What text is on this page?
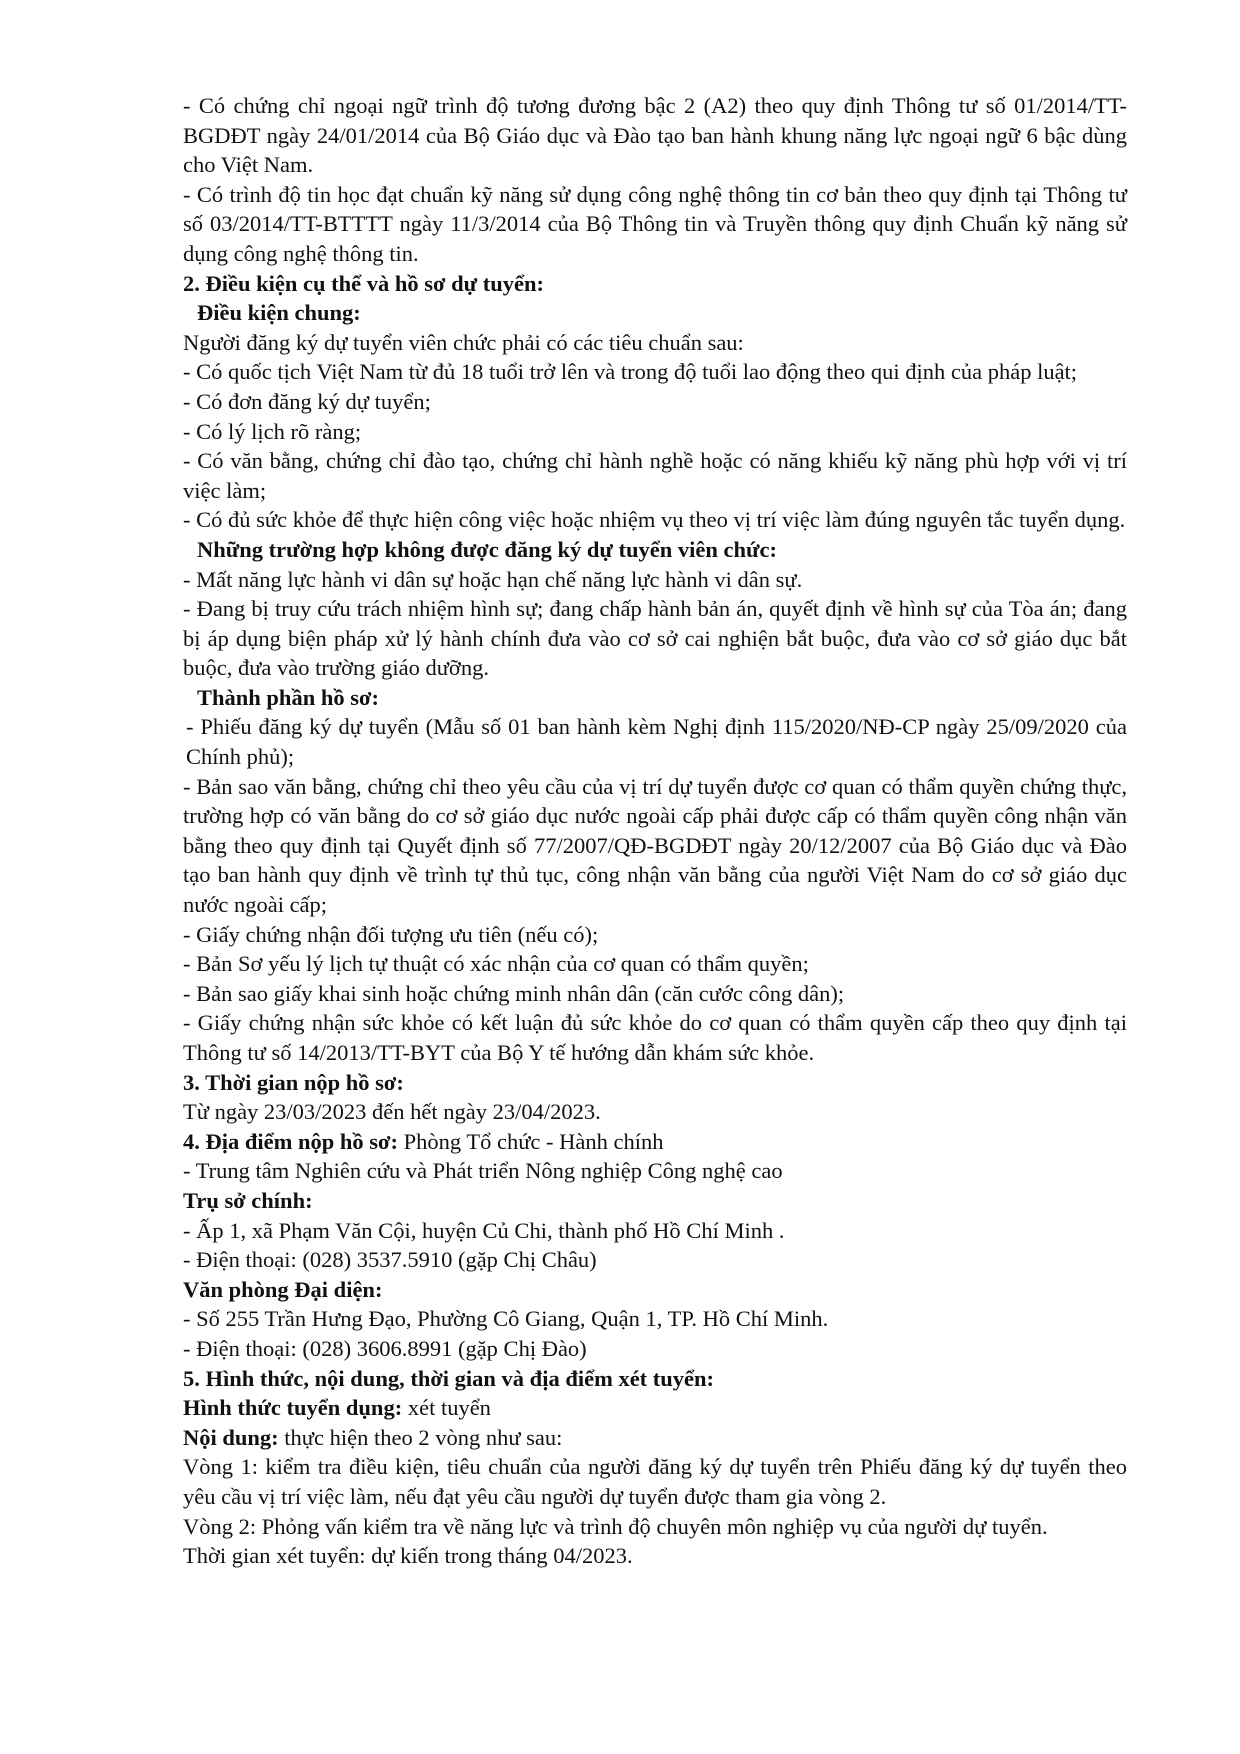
- Có chứng chỉ ngoại ngữ trình độ tương đương bậc 2 (A2) theo quy định Thông tư số 01/2014/TT-BGDĐT ngày 24/01/2014 của Bộ Giáo dục và Đào tạo ban hành khung năng lực ngoại ngữ 6 bậc dùng cho Việt Nam.

- Có trình độ tin học đạt chuẩn kỹ năng sử dụng công nghệ thông tin cơ bản theo quy định tại Thông tư số 03/2014/TT-BTTTT ngày 11/3/2014 của Bộ Thông tin và Truyền thông quy định Chuẩn kỹ năng sử dụng công nghệ thông tin.

2. Điều kiện cụ thể và hồ sơ dự tuyển:

Điều kiện chung:

Người đăng ký dự tuyển viên chức phải có các tiêu chuẩn sau:

- Có quốc tịch Việt Nam từ đủ 18 tuổi trở lên và trong độ tuổi lao động theo qui định của pháp luật;

- Có đơn đăng ký dự tuyển;

- Có lý lịch rõ ràng;

- Có văn bằng, chứng chỉ đào tạo, chứng chỉ hành nghề hoặc có năng khiếu kỹ năng phù hợp với vị trí việc làm;

- Có đủ sức khỏe để thực hiện công việc hoặc nhiệm vụ theo vị trí việc làm đúng nguyên tắc tuyển dụng.

Những trường hợp không được đăng ký dự tuyển viên chức:

- Mất năng lực hành vi dân sự hoặc hạn chế năng lực hành vi dân sự.

- Đang bị truy cứu trách nhiệm hình sự; đang chấp hành bản án, quyết định về hình sự của Tòa án; đang bị áp dụng biện pháp xử lý hành chính đưa vào cơ sở cai nghiện bắt buộc, đưa vào cơ sở giáo dục bắt buộc, đưa vào trường giáo dưỡng.

Thành phần hồ sơ:

- Phiếu đăng ký dự tuyển (Mẫu số 01 ban hành kèm Nghị định 115/2020/NĐ-CP ngày 25/09/2020 của Chính phủ);

- Bản sao văn bằng, chứng chỉ theo yêu cầu của vị trí dự tuyển được cơ quan có thẩm quyền chứng thực, trường hợp có văn bằng do cơ sở giáo dục nước ngoài cấp phải được cấp có thẩm quyền công nhận văn bằng theo quy định tại Quyết định số 77/2007/QĐ-BGDĐT ngày 20/12/2007 của Bộ Giáo dục và Đào tạo ban hành quy định về trình tự thủ tục, công nhận văn bằng của người Việt Nam do cơ sở giáo dục nước ngoài cấp;

- Giấy chứng nhận đối tượng ưu tiên (nếu có);

- Bản Sơ yếu lý lịch tự thuật có xác nhận của cơ quan có thẩm quyền;

- Bản sao giấy khai sinh hoặc chứng minh nhân dân (căn cước công dân);

- Giấy chứng nhận sức khỏe có kết luận đủ sức khỏe do cơ quan có thẩm quyền cấp theo quy định tại Thông tư số 14/2013/TT-BYT của Bộ Y tế hướng dẫn khám sức khỏe.

3. Thời gian nộp hồ sơ:

Từ ngày 23/03/2023 đến hết ngày 23/04/2023.

4. Địa điểm nộp hồ sơ: Phòng Tổ chức - Hành chính

- Trung tâm Nghiên cứu và Phát triển Nông nghiệp Công nghệ cao

Trụ sở chính:

- Ấp 1, xã Phạm Văn Cội, huyện Củ Chi, thành phố Hồ Chí Minh .

- Điện thoại: (028) 3537.5910 (gặp Chị Châu)

Văn phòng Đại diện:

- Số 255 Trần Hưng Đạo, Phường Cô Giang, Quận 1, TP. Hồ Chí Minh.

- Điện thoại: (028) 3606.8991 (gặp Chị Đào)

5. Hình thức, nội dung, thời gian và địa điểm xét tuyển:

Hình thức tuyển dụng: xét tuyển

Nội dung: thực hiện theo 2 vòng như sau:

Vòng 1: kiểm tra điều kiện, tiêu chuẩn của người đăng ký dự tuyển trên Phiếu đăng ký dự tuyển theo yêu cầu vị trí việc làm, nếu đạt yêu cầu người dự tuyển được tham gia vòng 2.

Vòng 2: Phỏng vấn kiểm tra về năng lực và trình độ chuyên môn nghiệp vụ của người dự tuyển.

Thời gian xét tuyển: dự kiến trong tháng 04/2023.
